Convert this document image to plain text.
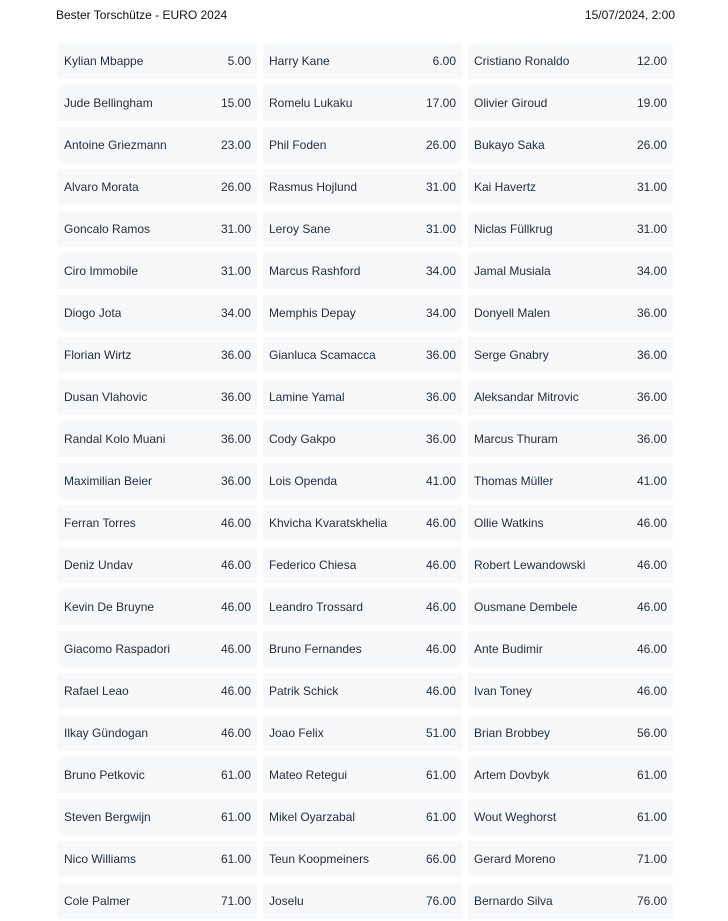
Bester Torschütze - EURO 2024	15/07/2024, 2:00
Kylian Mbappe	5.00 Harry Kane	6.00 Cristiano Ronaldo	12.00
Jude Bellingham	15.00 Romelu Lukaku	17.00 Olivier Giroud	19.00
Antoine Griezmann	23.00 Phil Foden	26.00 Bukayo Saka	26.00
Alvaro Morata	26.00 Rasmus Hojlund	31.00 Kai Havertz	31.00
Goncalo Ramos	31.00 Leroy Sane	31.00 Niclas Füllkrug	31.00
Ciro Immobile	31.00 Marcus Rashford	34.00 Jamal Musiala	34.00
Diogo Jota	34.00 Memphis Depay	34.00 Donyell Malen	36.00
Florian Wirtz	36.00 Gianluca Scamacca	36.00 Serge Gnabry	36.00
Dusan Vlahovic	36.00 Lamine Yamal	36.00 Aleksandar Mitrovic	36.00
Randal Kolo Muani	36.00 Cody Gakpo	36.00 Marcus Thuram	36.00
Maximilian Beier	36.00 Lois Openda	41.00 Thomas Müller	41.00
Ferran Torres	46.00 Khvicha Kvaratskhelia	46.00 Ollie Watkins	46.00
Deniz Undav	46.00 Federico Chiesa	46.00 Robert Lewandowski	46.00
Kevin De Bruyne	46.00 Leandro Trossard	46.00 Ousmane Dembele	46.00
Giacomo Raspadori	46.00 Bruno Fernandes	46.00 Ante Budimir	46.00
Rafael Leao	46.00 Patrik Schick	46.00 Ivan Toney	46.00
Ilkay Gündogan	46.00 Joao Felix	51.00 Brian Brobbey	56.00
Bruno Petkovic	61.00 Mateo Retegui	61.00 Artem Dovbyk	61.00
Steven Bergwijn	61.00 Mikel Oyarzabal	61.00 Wout Weghorst	61.00
Nico Williams	61.00 Teun Koopmeiners	66.00 Gerard Moreno	71.00
Cole Palmer	71.00 Joselu	76.00 Bernardo Silva	76.00
